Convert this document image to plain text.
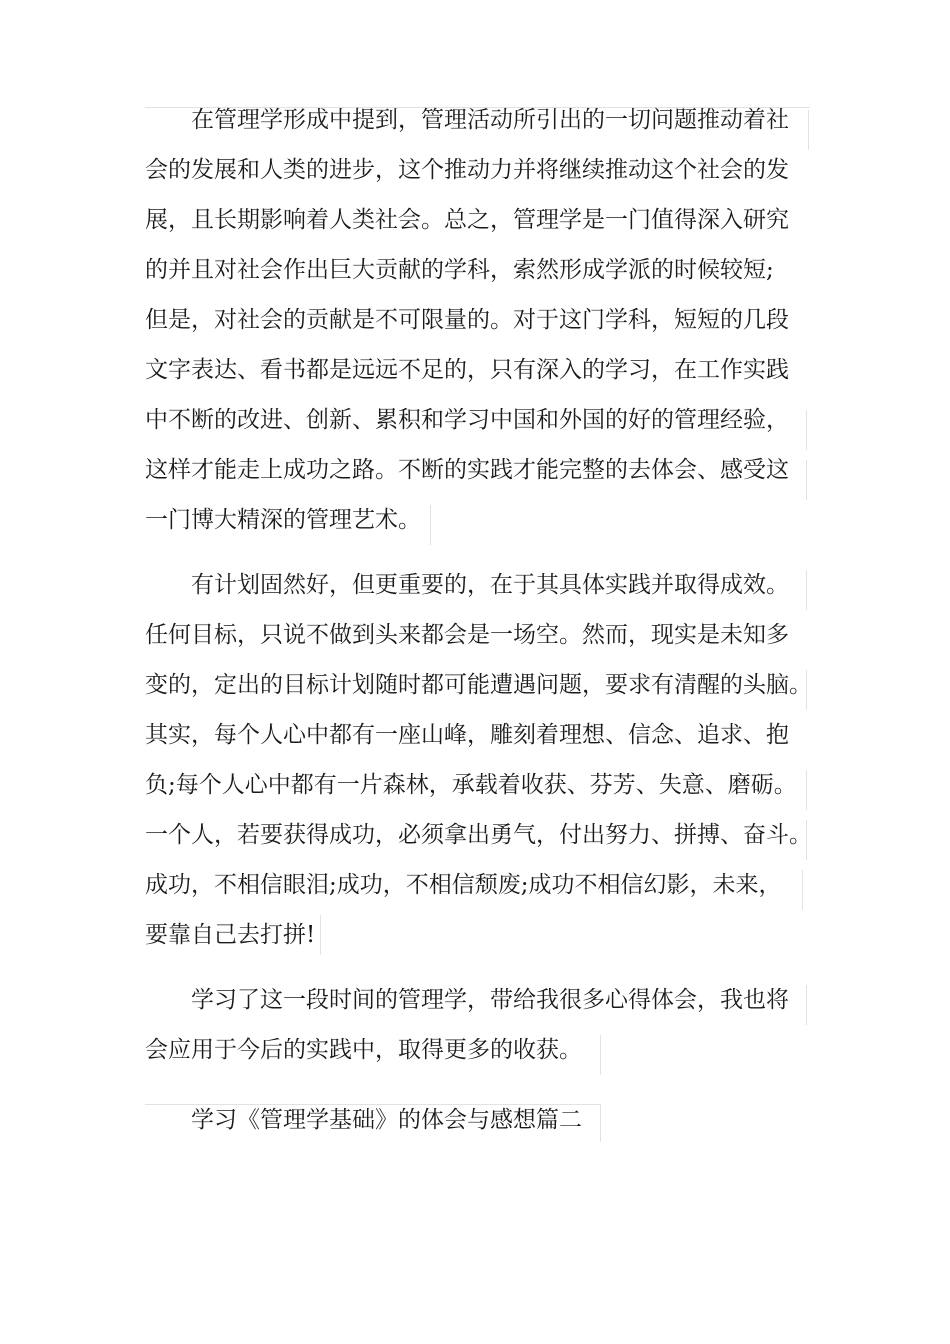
在管理学形成中提到，管理活动所引出的一切问题推动着社
会的发展和人类的进步，这个推动力并将继续推动这个社会的发
展，且长期影响着人类社会。总之，管理学是一门值得深入研究
的并且对社会作出巨大贡献的学科，索然形成学派的时候较短;
但是，对社会的贡献是不可限量的。对于这门学科，短短的几段
文字表达、看书都是远远不足的，只有深入的学习，在工作实践
中不断的改进、创新、累积和学习中国和外国的好的管理经验，
这样才能走上成功之路。不断的实践才能完整的去体会、感受这
一门博大精深的管理艺术。
有计划固然好，但更重要的，在于其具体实践并取得成效。
任何目标，只说不做到头来都会是一场空。然而，现实是未知多
变的，定出的目标计划随时都可能遭遇问题，要求有清醒的头脑。
其实，每个人心中都有一座山峰，雕刻着理想、信念、追求、抱
负;每个人心中都有一片森林，承载着收获、芬芳、失意、磨砺。
一个人，若要获得成功，必须拿出勇气，付出努力、拼搏、奋斗。
成功，不相信眼泪;成功，不相信颓废;成功不相信幻影，未来，
要靠自己去打拼!
学习了这一段时间的管理学，带给我很多心得体会，我也将
会应用于今后的实践中，取得更多的收获。
学习《管理学基础》的体会与感想篇二
